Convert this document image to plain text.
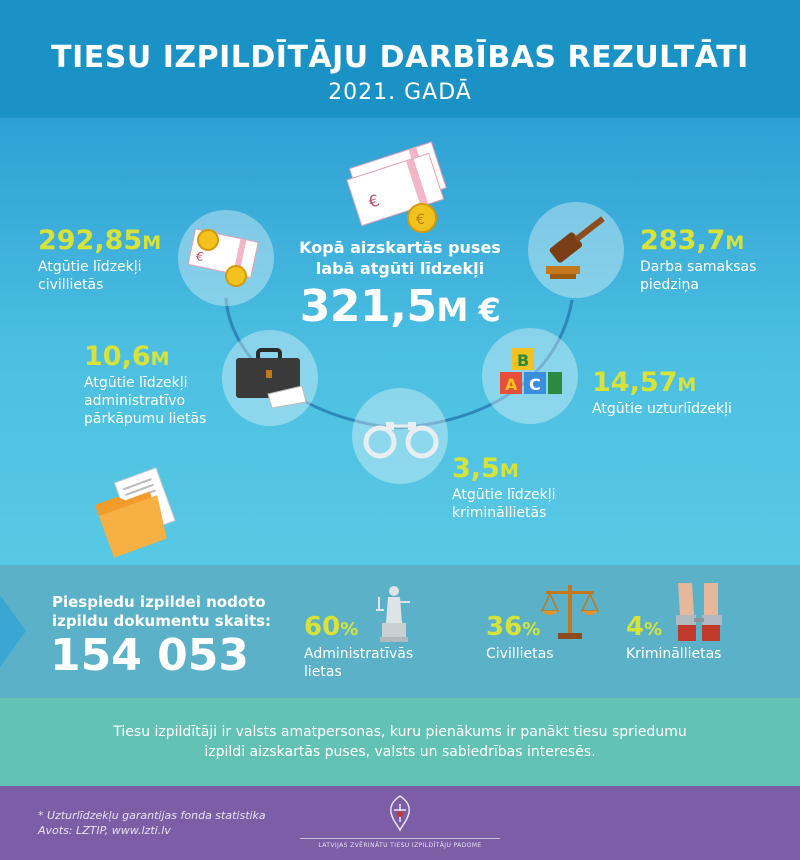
TIESU IZPILDĪTĀJU DARBĪBAS REZULTĀTI
2021. GADĀ
€
€
€
B
A C
292,85M
Atgūtie līdzekļi
civillietās
283,7M
Darba samaksas
piedziņa
Kopā aizskartās puses
labā atgūti līdzekļi
321,5M €
10,6M
Atgūtie līdzekļi
administratīvo
pārkāpumu lietās
14,57M
Atgūtie uzturlīdzekļi
3,5M
Atgūtie līdzekļi
krimināllietās
Piespiedu izpildei nodoto
izpildu dokumentu skaits:
154 053
60%
Administratīvās
lietas
36%
Civillietas
4%
Krimināllietas

Tiesu izpildītāji ir valsts amatpersonas, kuru pienākums ir panākt tiesu spriedumu izpildi aizskartās puses, valsts un sabiedrības interesēs.

* Uzturlīdzekļu garantijas fonda statistika
Avots: LZTIP, www.lzti.lv
LATVIJAS ZVĒRINĀTU TIESU IZPILDĪTĀJU PADOME
